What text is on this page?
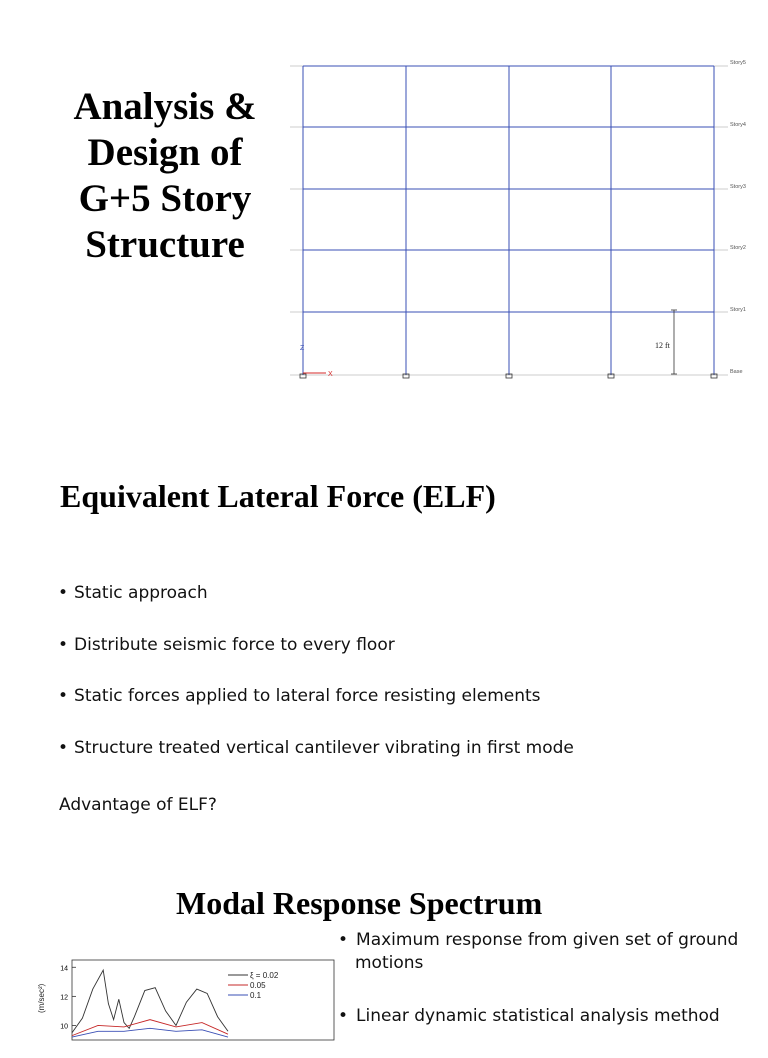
Analysis &
Design of
G+5 Story
Structure
Z
X
12 ft
Story5
Story4
Story3
Story2
Story1
Base
Equivalent Lateral Force (ELF)
• Static approach
• Distribute seismic force to every floor
• Static forces applied to lateral force resisting elements
• Structure treated vertical cantilever vibrating in first mode
Advantage of ELF?
Modal Response Spectrum
(m/sec²)
14
12
10
ξ = 0.02
0.05
0.1
• Maximum response from given set of ground motions
• Linear dynamic statistical analysis method
